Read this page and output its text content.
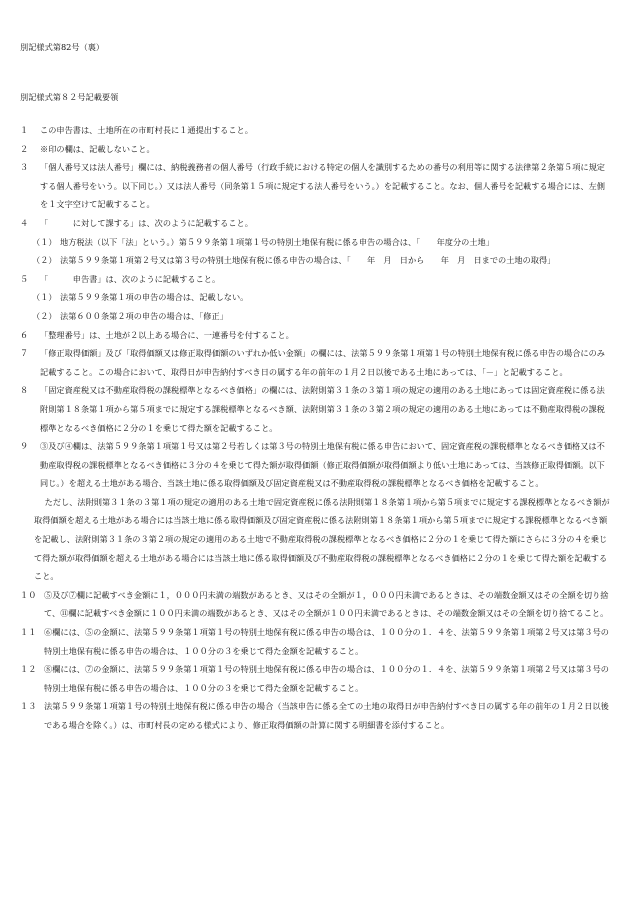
別記様式第82号（裏）
別記様式第８２号記載要領
１	この申告書は、土地所在の市町村長に１通提出すること。
２	※印の欄は、記載しないこと。
３	「個人番号又は法人番号」欄には、納税義務者の個人番号（行政手続における特定の個人を識別するための番号の利用等に関する法律第２条第５項に規定する個人番号をいう。以下同じ。）又は法人番号（同条第１５項に規定する法人番号をいう。）を記載すること。なお、個人番号を記載する場合には、左側を１文字空けて記載すること。
４	「　　　に対して課する」は、次のように記載すること。
（１） 地方税法（以下「法」という。）第５９９条第１項第１号の特別土地保有税に係る申告の場合は、「　　年度分の土地」
（２） 法第５９９条第１項第２号又は第３号の特別土地保有税に係る申告の場合は、「　　年　月　日から　　年　月　日までの土地の取得」
５	「　　　申告書」は、次のように記載すること。
（１） 法第５９９条第１項の申告の場合は、記載しない。
（２） 法第６００条第２項の申告の場合は、「修正」
６	「整理番号」は、土地が２以上ある場合に、一連番号を付すること。
７	「修正取得価額」及び「取得価額又は修正取得価額のいずれか低い金額」の欄には、法第５９９条第１項第１号の特別土地保有税に係る申告の場合にのみ記載すること。この場合において、取得日が申告納付すべき日の属する年の前年の１月２日以後である土地にあっては、「－」と記載すること。
８	「固定資産税又は不動産取得税の課税標準となるべき価格」の欄には、法附則第３１条の３第１項の規定の適用のある土地にあっては固定資産税に係る法附則第１８条第１項から第５項までに規定する課税標準となるべき額、法附則第３１条の３第２項の規定の適用のある土地にあっては不動産取得税の課税標準となるべき価格に２分の１を乗じて得た額を記載すること。
９	③及び④欄は、法第５９９条第１項第１号又は第２号若しくは第３号の特別土地保有税に係る申告において、固定資産税の課税標準となるべき価格又は不動産取得税の課税標準となるべき価格に３分の４を乗じて得た額が取得価額（修正取得価額が取得価額より低い土地にあっては、当該修正取得価額。以下同じ。）を超える土地がある場合、当該土地に係る取得価額及び固定資産税又は不動産取得税の課税標準となるべき価格を記載すること。
ただし、法附則第３１条の３第１項の規定の適用のある土地で固定資産税に係る法附則第１８条第１項から第５項までに規定する課税標準となるべき額が取得価額を超える土地がある場合には当該土地に係る取得価額及び固定資産税に係る法附則第１８条第１項から第５項までに規定する課税標準となるべき額を記載し、法附則第３１条の３第２項の規定の適用のある土地で不動産取得税の課税標準となるべき価格に２分の１を乗じて得た額にさらに３分の４を乗じて得た額が取得価額を超える土地がある場合には当該土地に係る取得価額及び不動産取得税の課税標準となるべき価格に２分の１を乗じて得た額を記載すること。
１０ ⑤及び⑦欄に記載すべき金額に１，０００円未満の端数があるとき、又はその全額が１，０００円未満であるときは、その端数金額又はその全額を切り捨て、⑪欄に記載すべき金額に１００円未満の端数があるとき、又はその全額が１００円未満であるときは、その端数金額又はその全額を切り捨てること。
１１ ⑥欄には、⑤の金額に、法第５９９条第１項第１号の特別土地保有税に係る申告の場合は、１００分の１．４を、法第５９９条第１項第２号又は第３号の特別土地保有税に係る申告の場合は、１００分の３を乗じて得た金額を記載すること。
１２ ⑧欄には、⑦の金額に、法第５９９条第１項第１号の特別土地保有税に係る申告の場合は、１００分の１．４を、法第５９９条第１項第２号又は第３号の特別土地保有税に係る申告の場合は、１００分の３を乗じて得た金額を記載すること。
１３ 法第５９９条第１項第１号の特別土地保有税に係る申告の場合（当該申告に係る全ての土地の取得日が申告納付すべき日の属する年の前年の１月２日以後である場合を除く。）は、市町村長の定める様式により、修正取得価額の計算に関する明細書を添付すること。
